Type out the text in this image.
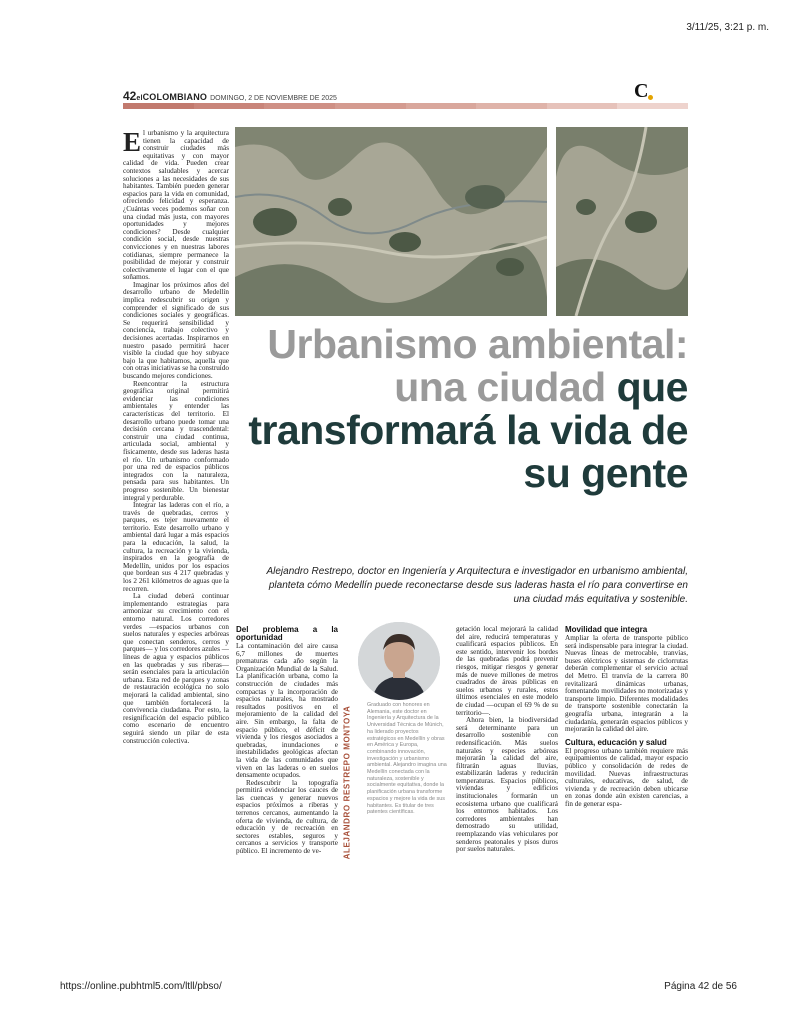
3/11/25, 3:21 p. m.
42elCOLOMBIANO DOMINGO, 2 DE NOVIEMBRE DE 2025	C

El urbanismo y la arquitectura tienen la capacidad de construir ciudades más equitativas y con mayor calidad de vida. Pueden crear contextos saludables y acercar soluciones a las necesidades de sus habitantes. También pueden generar espacios para la vida en comunidad, ofreciendo felicidad y esperanza. ¿Cuántas veces podemos soñar con una ciudad más justa, con mayores oportunidades y mejores condiciones? Desde cualquier condición social, desde nuestras convicciones y en nuestras labores cotidianas, siempre permanece la posibilidad de mejorar y construir colectivamente el lugar con el que soñamos.

Imaginar los próximos años del desarrollo urbano de Medellín implica redescubrir su origen y comprender el significado de sus condiciones sociales y geográficas. Se requerirá sensibilidad y conciencia, trabajo colectivo y decisiones acertadas. Inspirarnos en nuestro pasado permitirá hacer visible la ciudad que hoy subyace bajo la que habitamos, aquella que con otras iniciativas se ha construido buscando mejores condiciones.

Reencontrar la estructura geográfica original permitirá evidenciar las condiciones ambientales y entender las características del territorio. El desarrollo urbano puede tomar una decisión cercana y trascendental: construir una ciudad continua, articulada social, ambiental y físicamente, desde sus laderas hasta el río. Un urbanismo conformado por una red de espacios públicos integrados con la naturaleza, pensada para sus habitantes. Un progreso sostenible. Un bienestar integral y perdurable.

Integrar las laderas con el río, a través de quebradas, cerros y parques, es tejer nuevamente el territorio. Este desarrollo urbano y ambiental dará lugar a más espacios para la educación, la salud, la cultura, la recreación y la vivienda, inspirados en la geografía de Medellín, unidos por los espacios que bordean sus 4 217 quebradas y los 2 261 kilómetros de aguas que la recorren.

La ciudad deberá continuar implementando estrategias para armonizar su crecimiento con el entorno natural. Los corredores verdes —espacios urbanos con suelos naturales y especies arbóreas que conectan senderos, cerros y parques— y los corredores azules —líneas de agua y espacios públicos en las quebradas y sus riberas— serán esenciales para la articulación urbana. Esta red de parques y zonas de restauración ecológica no solo mejorará la calidad ambiental, sino que también fortalecerá la convivencia ciudadana. Por esto, la resignificación del espacio público como escenario de encuentro seguirá siendo un pilar de esta construcción colectiva.

Urbanismo ambiental: una ciudad que transformará la vida de su gente
Alejandro Restrepo, doctor en Ingeniería y Arquitectura e investigador en urbanismo ambiental, planteta cómo Medellín puede reconectarse desde sus laderas hasta el río para convertirse en una ciudad más equitativa y sostenible.
Del problema a la oportunidad

La contaminación del aire causa 6,7 millones de muertes prematuras cada año según la Organización Mundial de la Salud. La planificación urbana, como la construcción de ciudades más compactas y la incorporación de espacios naturales, ha mostrado resultados positivos en el mejoramiento de la calidad del aire. Sin embargo, la falta de espacio público, el déficit de vivienda y los riesgos asociados a quebradas, inundaciones e inestabilidades geológicas afectan la vida de las comunidades que viven en las laderas o en suelos densamente ocupados.

Redescubrir la topografía permitirá evidenciar los cauces de las cuencas y generar nuevos espacios próximos a riberas y terrenos cercanos, aumentando la oferta de vivienda, de cultura, de educación y de recreación en sectores estables, seguros y cercanos a servicios y transporte público. El incremento de ve-	ALEJANDRO RESTREPO MONTOYA
Graduado con honores en Alemania, este doctor en Ingeniería y Arquitectura de la Universidad Técnica de Múnich, ha liderado proyectos estratégicos en Medellín y obras en América y Europa, combinando innovación, investigación y urbanismo ambiental. Alejandro imagina una Medellín conectada con la naturaleza, sostenible y socialmente equitativa, donde la planificación urbana transforme espacios y mejore la vida de sus habitantes. Es titular de tres patentes científicas.

getación local mejorará la calidad del aire, reducirá temperaturas y cualificará espacios públicos. En este sentido, intervenir los bordes de las quebradas podrá prevenir riesgos, mitigar riesgos y generar más de nueve millones de metros cuadrados de áreas públicas en suelos urbanos y rurales, estos últimos esenciales en este modelo de ciudad —ocupan el 69 % de su territorio—.

Ahora bien, la biodiversidad será determinante para un desarrollo sostenible con redensificación. Más suelos naturales y especies arbóreas mejorarán la calidad del aire, filtrarán aguas lluvias, estabilizarán laderas y reducirán temperaturas. Espacios públicos, viviendas y edificios institucionales formarán un ecosistema urbano que cualificará los entornos habitados. Los corredores ambientales han demostrado su utilidad, reemplazando vías vehiculares por senderos peatonales y pisos duros por suelos naturales.

Movilidad que integra

Ampliar la oferta de transporte público será indispensable para integrar la ciudad. Nuevas líneas de metrocable, tranvías, buses eléctricos y sistemas de ciclorrutas deberán complementar el servicio actual del Metro. El tranvía de la carrera 80 revitalizará dinámicas urbanas, fomentando movilidades no motorizadas y transporte limpio. Diferentes modalidades de transporte sostenible conectarán la geografía urbana, integrarán a la ciudadanía, generarán espacios públicos y mejorarán la calidad del aire.

Cultura, educación y salud

El progreso urbano también requiere más equipamientos de calidad, mayor espacio público y consolidación de redes de movilidad. Nuevas infraestructuras culturales, educativas, de salud, de vivienda y de recreación deben ubicarse en zonas donde aún existen carencias, a fin de generar espa-

https://online.pubhtml5.com/ltll/pbso/	Página 42 de 56
